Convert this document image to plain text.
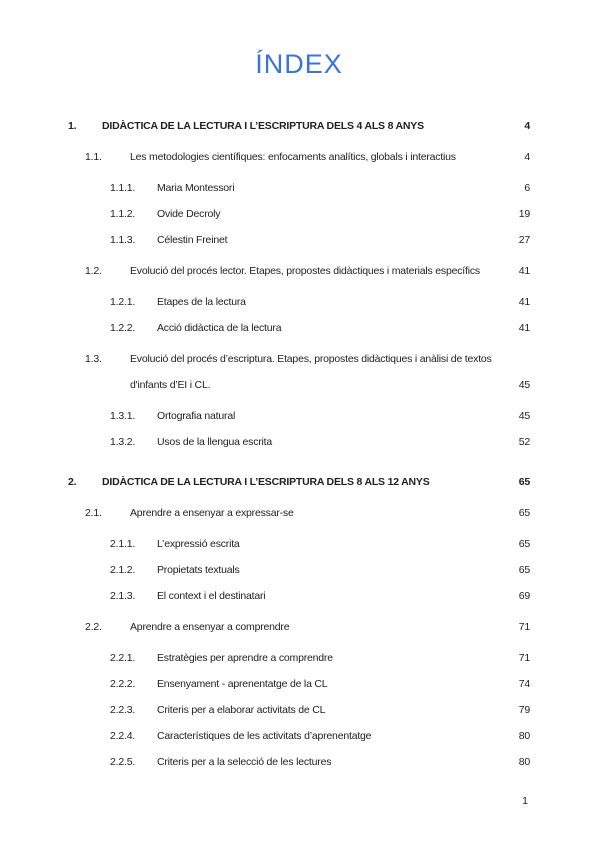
ÍNDEX
1.	DIDÀCTICA DE LA LECTURA I L’ESCRIPTURA DELS 4 ALS 8 ANYS	4
1.1.	Les metodologies científiques: enfocaments analítics, globals i interactius	4
1.1.1.	Maria Montessori	6
1.1.2.	Ovide Decroly	19
1.1.3.	Célestin Freinet	27
1.2.	Evolució del procés lector. Etapes, propostes didàctiques i materials específics	41
1.2.1.	Etapes de la lectura	41
1.2.2.	Acció didàctica de la lectura	41
1.3.	Evolució del procés d’escriptura. Etapes, propostes didàctiques i anàlisi de textos
d'infants d’EI i CL.	45
1.3.1.	Ortografia natural	45
1.3.2.	Usos de la llengua escrita	52
2.	DIDÀCTICA DE LA LECTURA I L’ESCRIPTURA DELS 8 ALS 12 ANYS	65
2.1.	Aprendre a ensenyar a expressar-se	65
2.1.1.	L’expressió escrita	65
2.1.2.	Propietats textuals	65
2.1.3.	El context i el destinatari	69
2.2.	Aprendre a ensenyar a comprendre	71
2.2.1.	Estratègies per aprendre a comprendre	71
2.2.2.	Ensenyament - aprenentatge de la CL	74
2.2.3.	Criteris per a elaborar activitats de CL	79
2.2.4.	Característiques de les activitats d’aprenentatge	80
2.2.5.	Criteris per a la selecció de les lectures	80
1
